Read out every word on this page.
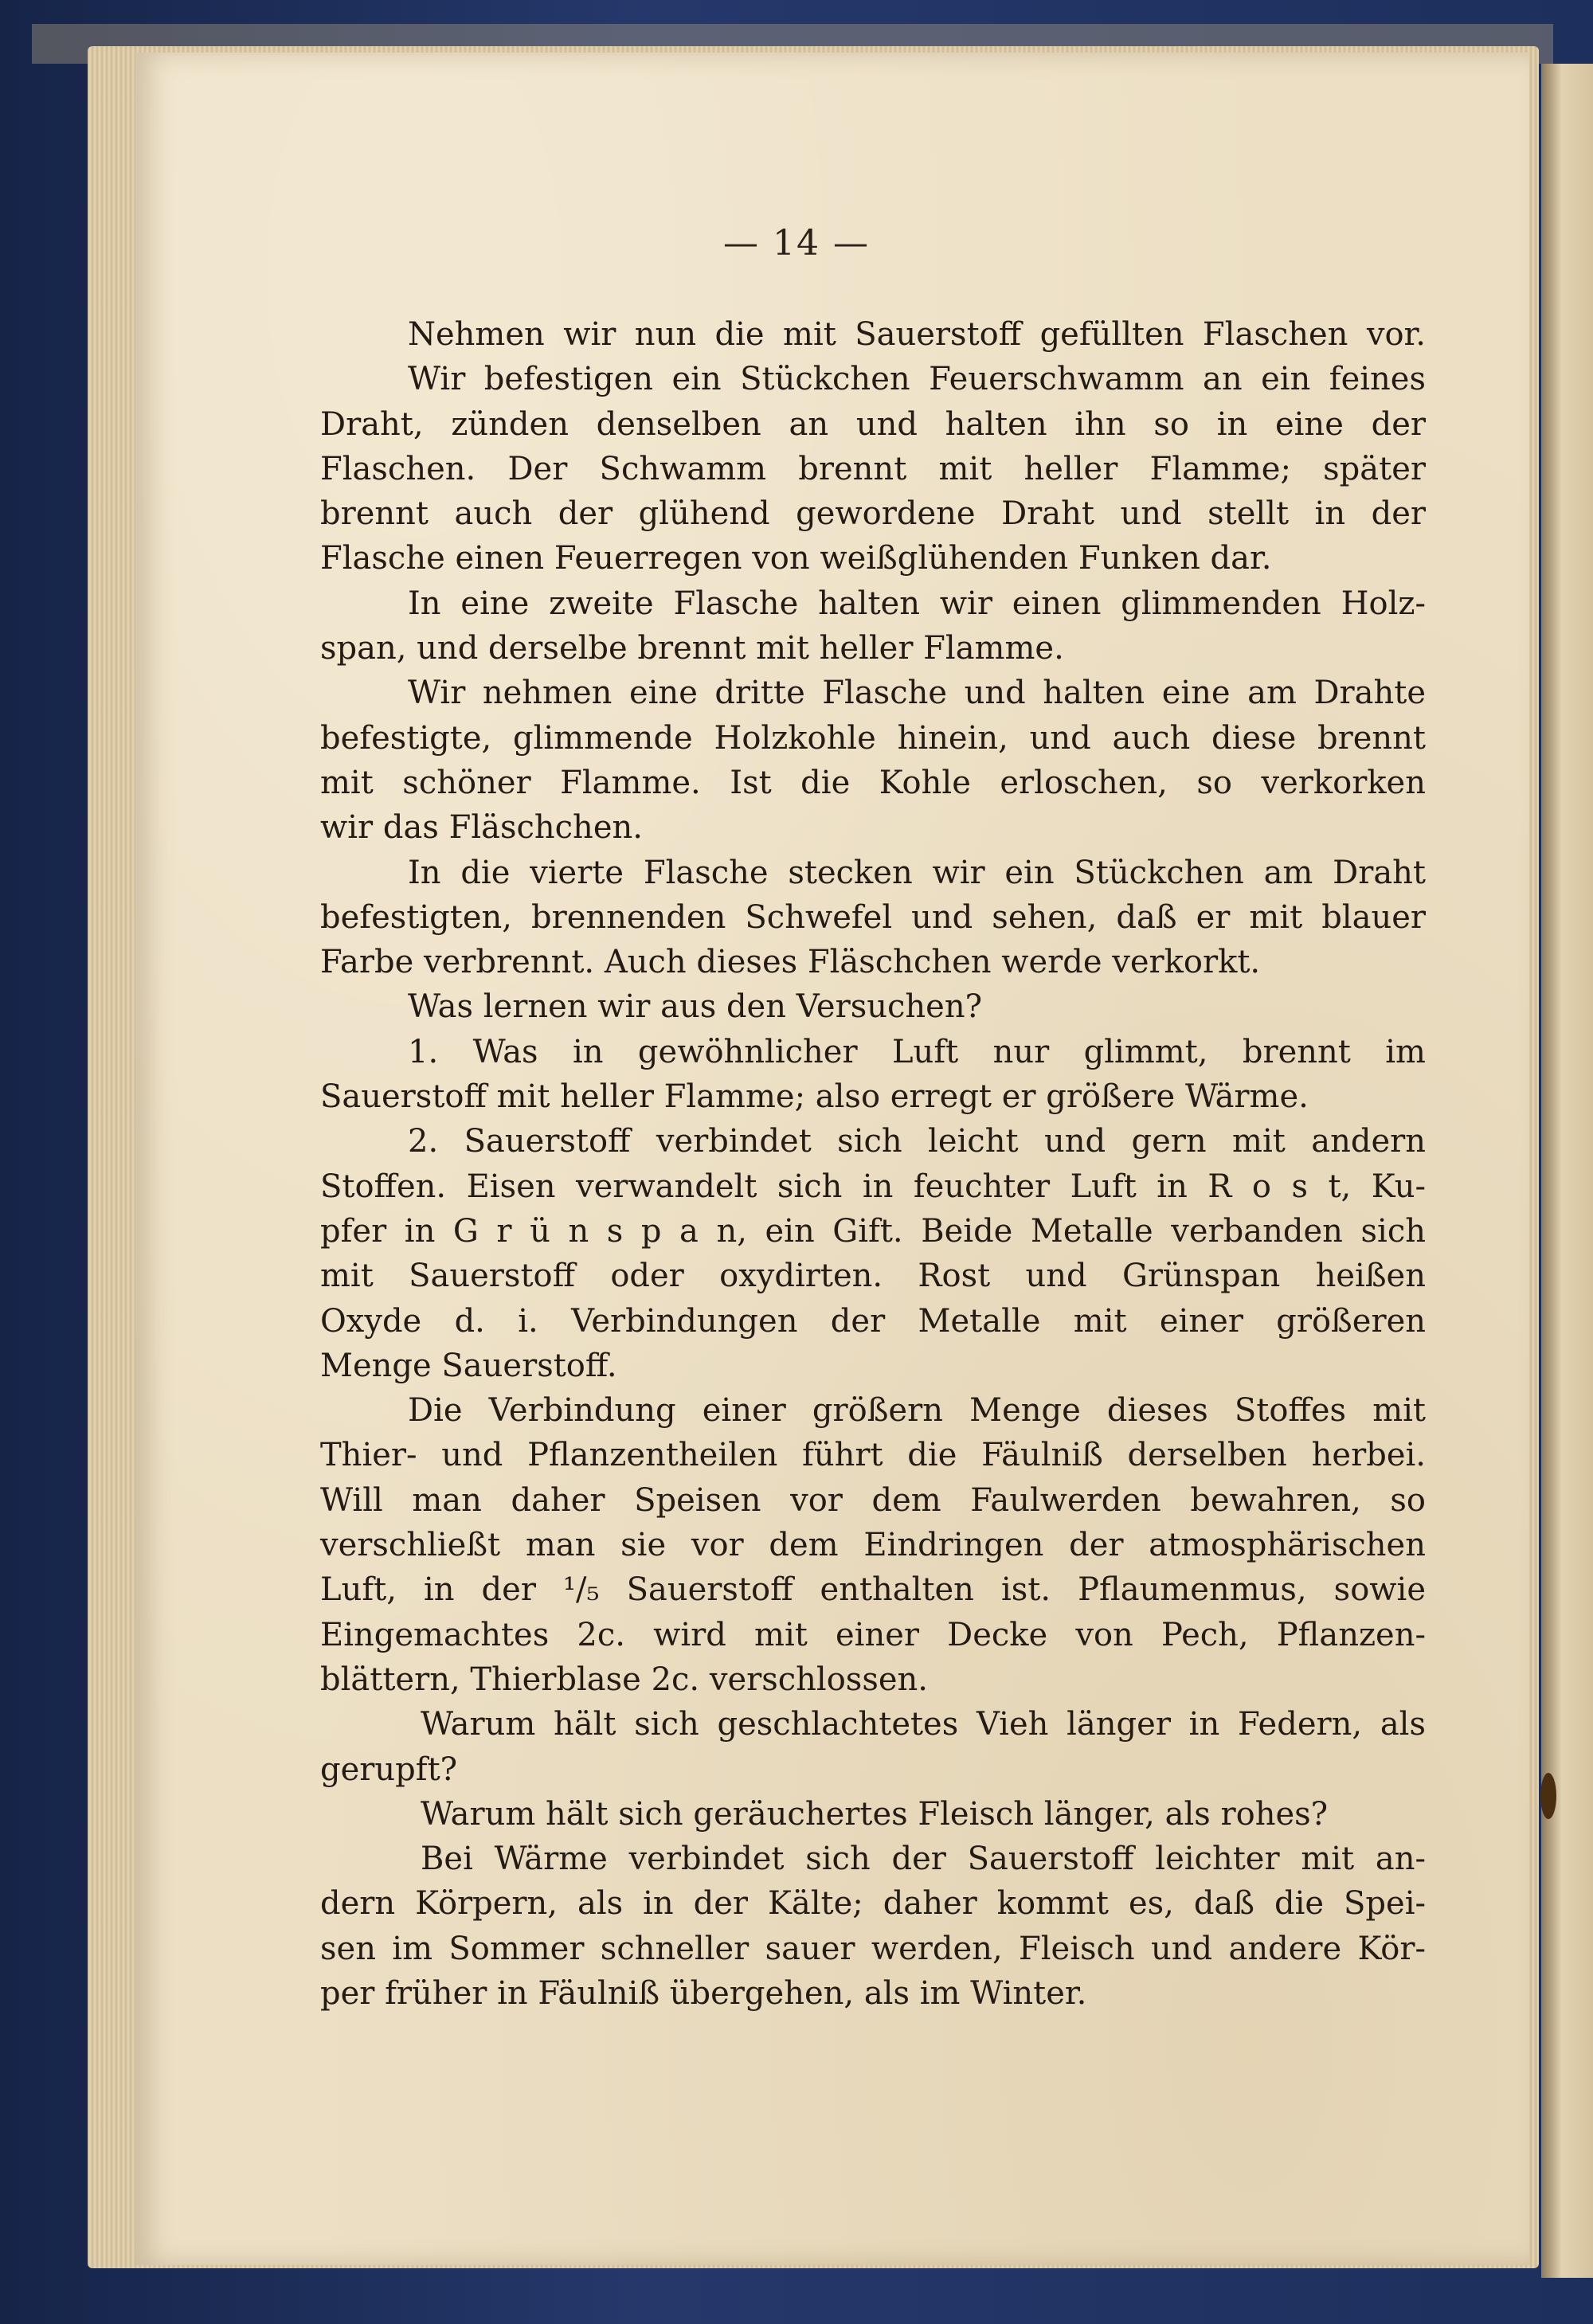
— 14 —
Nehmen wir nun die mit Sauerstoff gefüllten Flaschen vor.
Wir befestigen ein Stückchen Feuerschwamm an ein feines
Draht, zünden denselben an und halten ihn so in eine der
Flaschen. Der Schwamm brennt mit heller Flamme; später
brennt auch der glühend gewordene Draht und stellt in der
Flasche einen Feuerregen von weißglühenden Funken dar.
In eine zweite Flasche halten wir einen glimmenden Holz-
span, und derselbe brennt mit heller Flamme.
Wir nehmen eine dritte Flasche und halten eine am Drahte
befestigte, glimmende Holzkohle hinein, und auch diese brennt
mit schöner Flamme. Ist die Kohle erloschen, so verkorken
wir das Fläschchen.
In die vierte Flasche stecken wir ein Stückchen am Draht
befestigten, brennenden Schwefel und sehen, daß er mit blauer
Farbe verbrennt. Auch dieses Fläschchen werde verkorkt.
Was lernen wir aus den Versuchen?
1. Was in gewöhnlicher Luft nur glimmt, brennt im
Sauerstoff mit heller Flamme; also erregt er größere Wärme.
2. Sauerstoff verbindet sich leicht und gern mit andern
Stoffen. Eisen verwandelt sich in feuchter Luft in R o s t, Ku-
pfer in G r ü n s p a n, ein Gift. Beide Metalle verbanden sich
mit Sauerstoff oder oxydirten. Rost und Grünspan heißen
Oxyde d. i. Verbindungen der Metalle mit einer größeren
Menge Sauerstoff.
Die Verbindung einer größern Menge dieses Stoffes mit
Thier- und Pflanzentheilen führt die Fäulniß derselben herbei.
Will man daher Speisen vor dem Faulwerden bewahren, so
verschließt man sie vor dem Eindringen der atmosphärischen
Luft, in der ¹/₅ Sauerstoff enthalten ist. Pflaumenmus, sowie
Eingemachtes 2c. wird mit einer Decke von Pech, Pflanzen-
blättern, Thierblase 2c. verschlossen.
Warum hält sich geschlachtetes Vieh länger in Federn, als
gerupft?
Warum hält sich geräuchertes Fleisch länger, als rohes?
Bei Wärme verbindet sich der Sauerstoff leichter mit an-
dern Körpern, als in der Kälte; daher kommt es, daß die Spei-
sen im Sommer schneller sauer werden, Fleisch und andere Kör-
per früher in Fäulniß übergehen, als im Winter.
